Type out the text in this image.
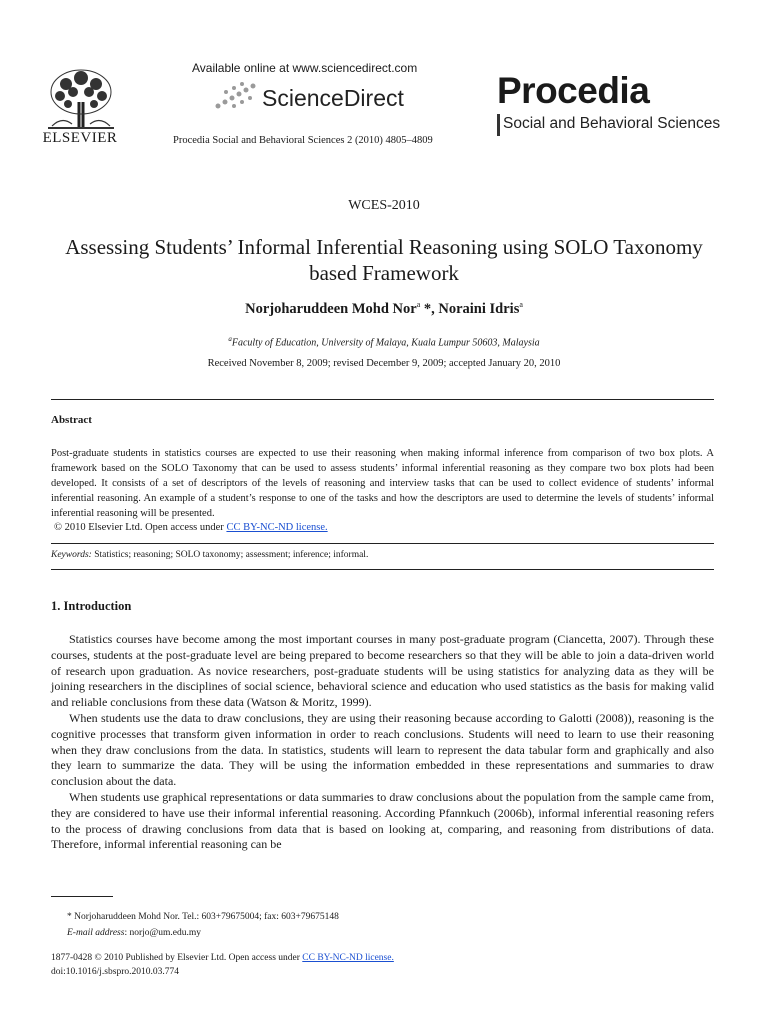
ELSEVIER
Available online at www.sciencedirect.com
ScienceDirect
Procedia Social and Behavioral Sciences 2 (2010) 4805–4809
Procedia
Social and Behavioral Sciences
WCES-2010
Assessing Students’ Informal Inferential Reasoning using SOLO Taxonomy based Framework
Norjoharuddeen Mohd Nor$^a$ *, Noraini Idris$^a$
$^a$Faculty of Education, University of Malaya, Kuala Lumpur 50603, Malaysia
Received November 8, 2009; revised December 9, 2009; accepted January 20, 2010
Abstract
Post-graduate students in statistics courses are expected to use their reasoning when making informal inference from comparison of two box plots. A framework based on the SOLO Taxonomy that can be used to assess students’ informal inferential reasoning as they compare two box plots had been developed. It consists of a set of descriptors of the levels of reasoning and interview tasks that can be used to collect evidence of students’ informal inferential reasoning. An example of a student’s response to one of the tasks and how the descriptors are used to determine the levels of students’ informal inferential reasoning will be presented.
© 2010 Elsevier Ltd. Open access under CC BY-NC-ND license.
Keywords: Statistics; reasoning; SOLO taxonomy; assessment; inference; informal.
1. Introduction

Statistics courses have become among the most important courses in many post-graduate program (Ciancetta, 2007). Through these courses, students at the post-graduate level are being prepared to become researchers so that they will be able to join a data-driven world of research upon graduation. As novice researchers, post-graduate students will be using statistics for analyzing data as they will be joining researchers in the disciplines of social science, behavioral science and education who used statistics as the basis for making valid and reliable conclusions from these data (Watson & Moritz, 1999).

When students use the data to draw conclusions, they are using their reasoning because according to Galotti (2008)), reasoning is the cognitive processes that transform given information in order to reach conclusions. Students will need to learn to use their reasoning when they draw conclusions from the data. In statistics, students will learn to represent the data tabular form and graphically and also they learn to summarize the data. They will be using the information embedded in these representations and summaries to draw conclusion about the data.

When students use graphical representations or data summaries to draw conclusions about the population from the sample came from, they are considered to have use their informal inferential reasoning. According Pfannkuch (2006b), informal inferential reasoning refers to the process of drawing conclusions from data that is based on looking at, comparing, and reasoning from distributions of data. Therefore, informal inferential reasoning can be

* Norjoharuddeen Mohd Nor. Tel.: 603+79675004; fax: 603+79675148
E-mail address: norjo@um.edu.my
1877-0428 © 2010 Published by Elsevier Ltd. Open access under CC BY-NC-ND license.
doi:10.1016/j.sbspro.2010.03.774
